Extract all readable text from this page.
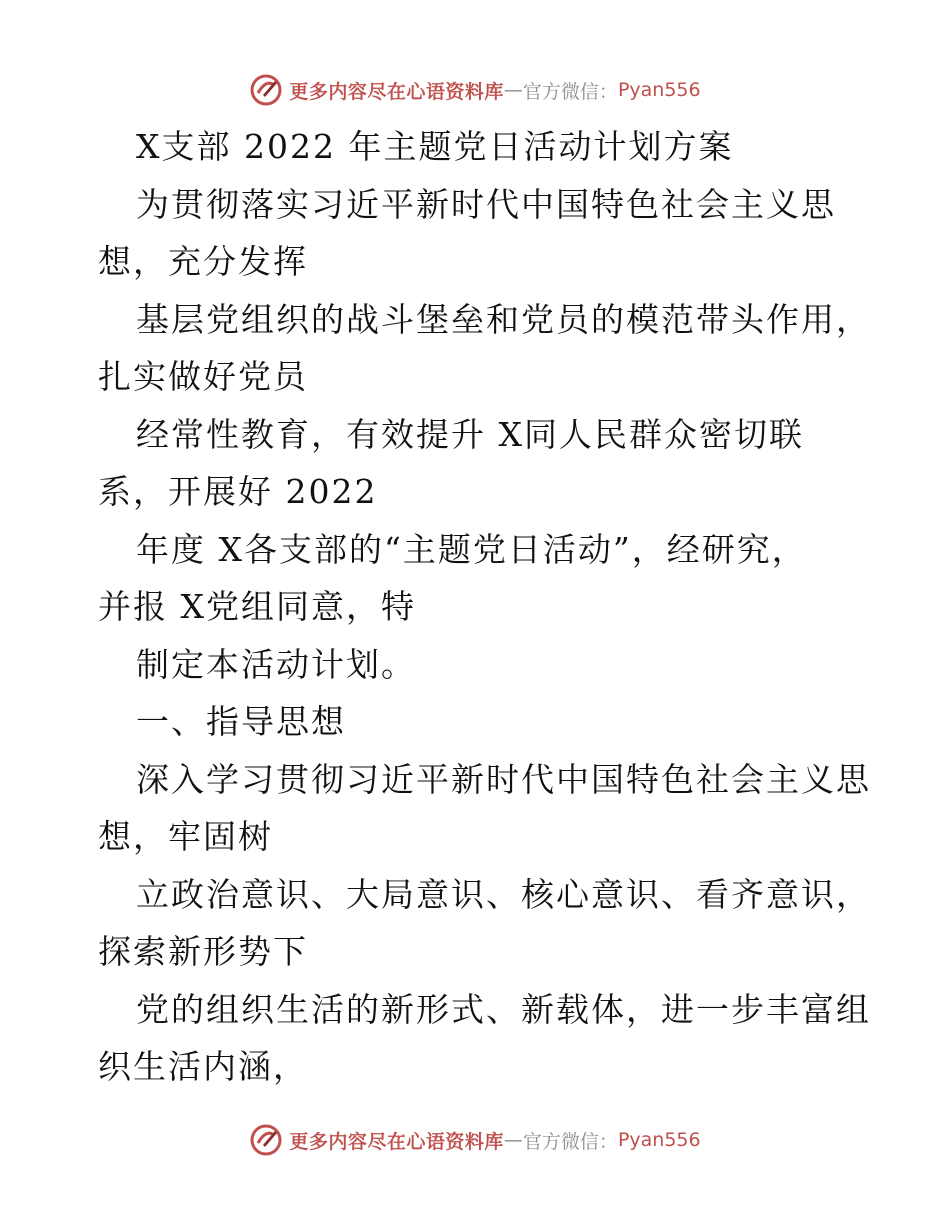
更多内容尽在心语资料库 — 官方微信： Pyan556
X支部 2022 年主题党日活动计划方案
为贯彻落实习近平新时代中国特色社会主义思
想，充分发挥
基层党组织的战斗堡垒和党员的模范带头作用，
扎实做好党员
经常性教育，有效提升 X同人民群众密切联
系，开展好 2022
年度 X各支部的“主题党日活动”，经研究，
并报 X党组同意，特
制定本活动计划。
一、指导思想
深入学习贯彻习近平新时代中国特色社会主义思
想，牢固树
立政治意识、大局意识、核心意识、看齐意识，
探索新形势下
党的组织生活的新形式、新载体，进一步丰富组
织生活内涵，
更多内容尽在心语资料库 — 官方微信： Pyan556
